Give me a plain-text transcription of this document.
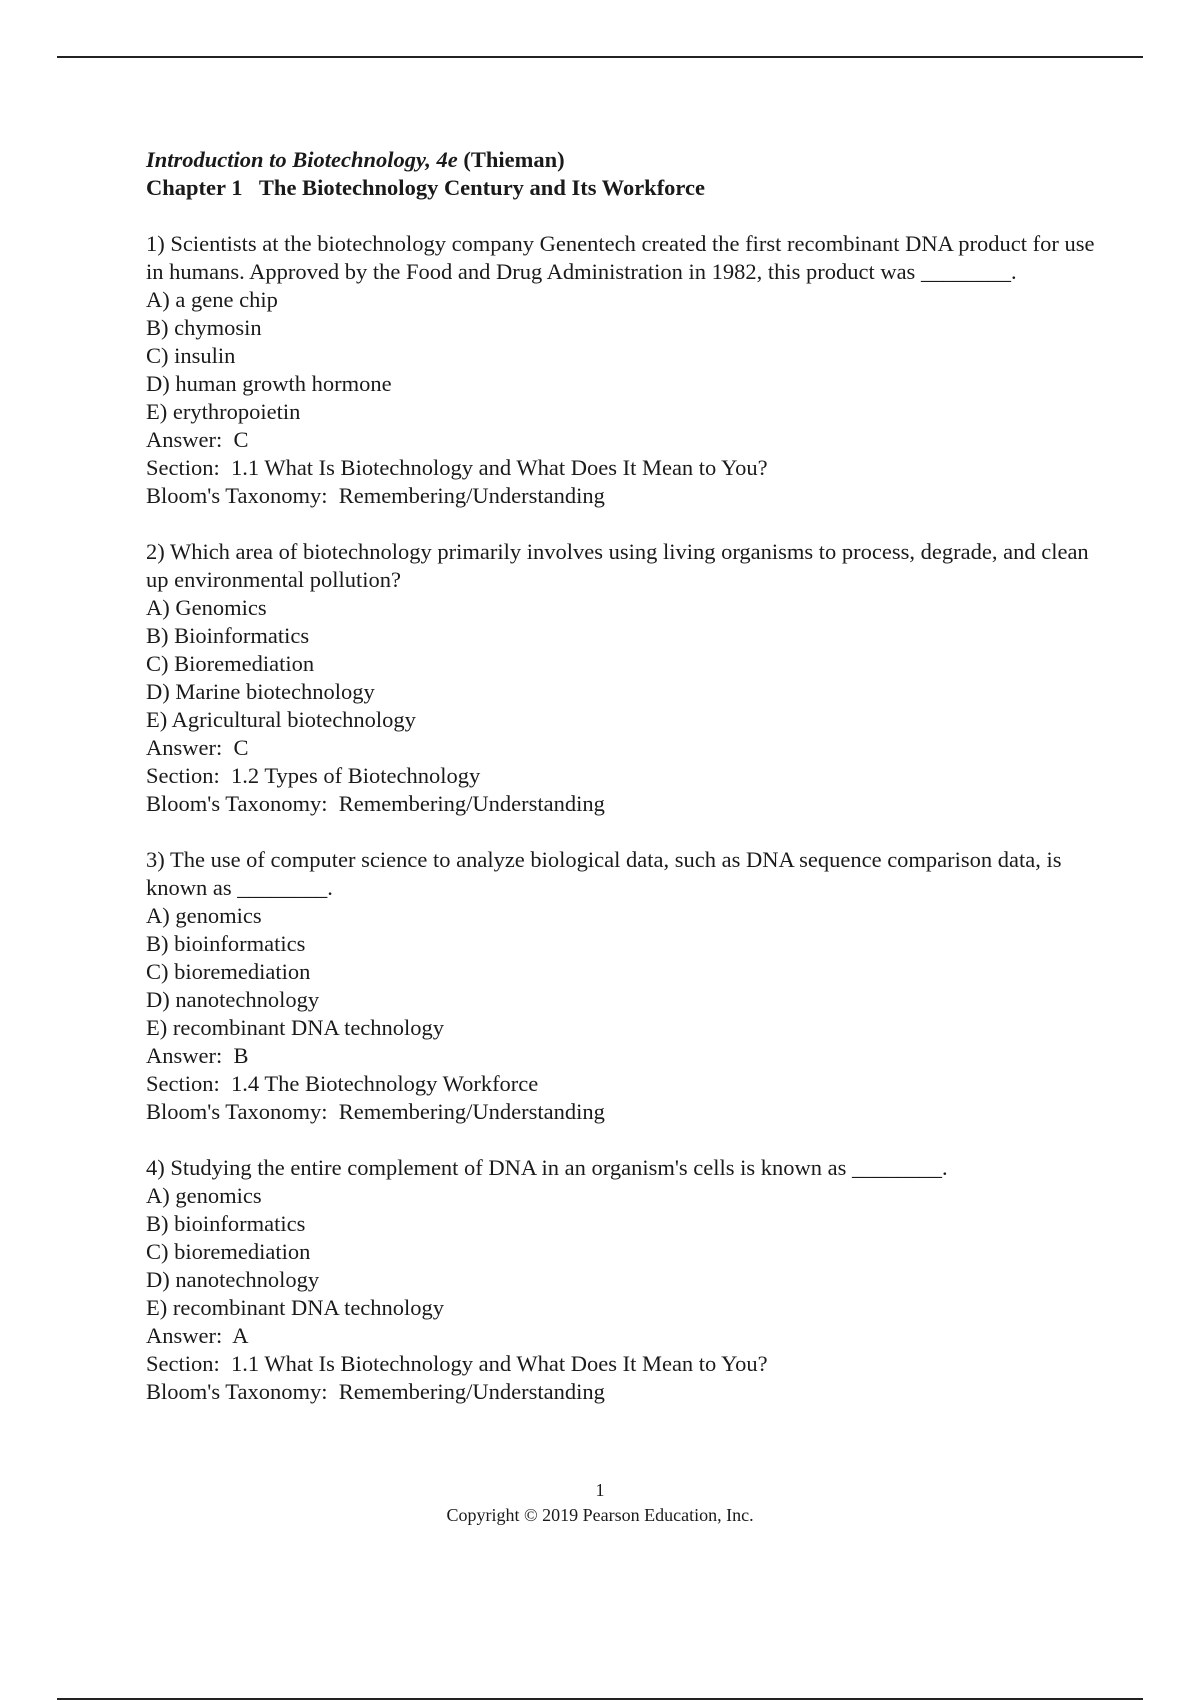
Introduction to Biotechnology, 4e (Thieman)
Chapter 1   The Biotechnology Century and Its Workforce
1) Scientists at the biotechnology company Genentech created the first recombinant DNA product for use in humans. Approved by the Food and Drug Administration in 1982, this product was ________.
A) a gene chip
B) chymosin
C) insulin
D) human growth hormone
E) erythropoietin
Answer:  C
Section:  1.1 What Is Biotechnology and What Does It Mean to You?
Bloom's Taxonomy:  Remembering/Understanding
2) Which area of biotechnology primarily involves using living organisms to process, degrade, and clean up environmental pollution?
A) Genomics
B) Bioinformatics
C) Bioremediation
D) Marine biotechnology
E) Agricultural biotechnology
Answer:  C
Section:  1.2 Types of Biotechnology
Bloom's Taxonomy:  Remembering/Understanding
3) The use of computer science to analyze biological data, such as DNA sequence comparison data, is known as ________.
A) genomics
B) bioinformatics
C) bioremediation
D) nanotechnology
E) recombinant DNA technology
Answer:  B
Section:  1.4 The Biotechnology Workforce
Bloom's Taxonomy:  Remembering/Understanding
4) Studying the entire complement of DNA in an organism's cells is known as ________.
A) genomics
B) bioinformatics
C) bioremediation
D) nanotechnology
E) recombinant DNA technology
Answer:  A
Section:  1.1 What Is Biotechnology and What Does It Mean to You?
Bloom's Taxonomy:  Remembering/Understanding
1
Copyright © 2019 Pearson Education, Inc.
